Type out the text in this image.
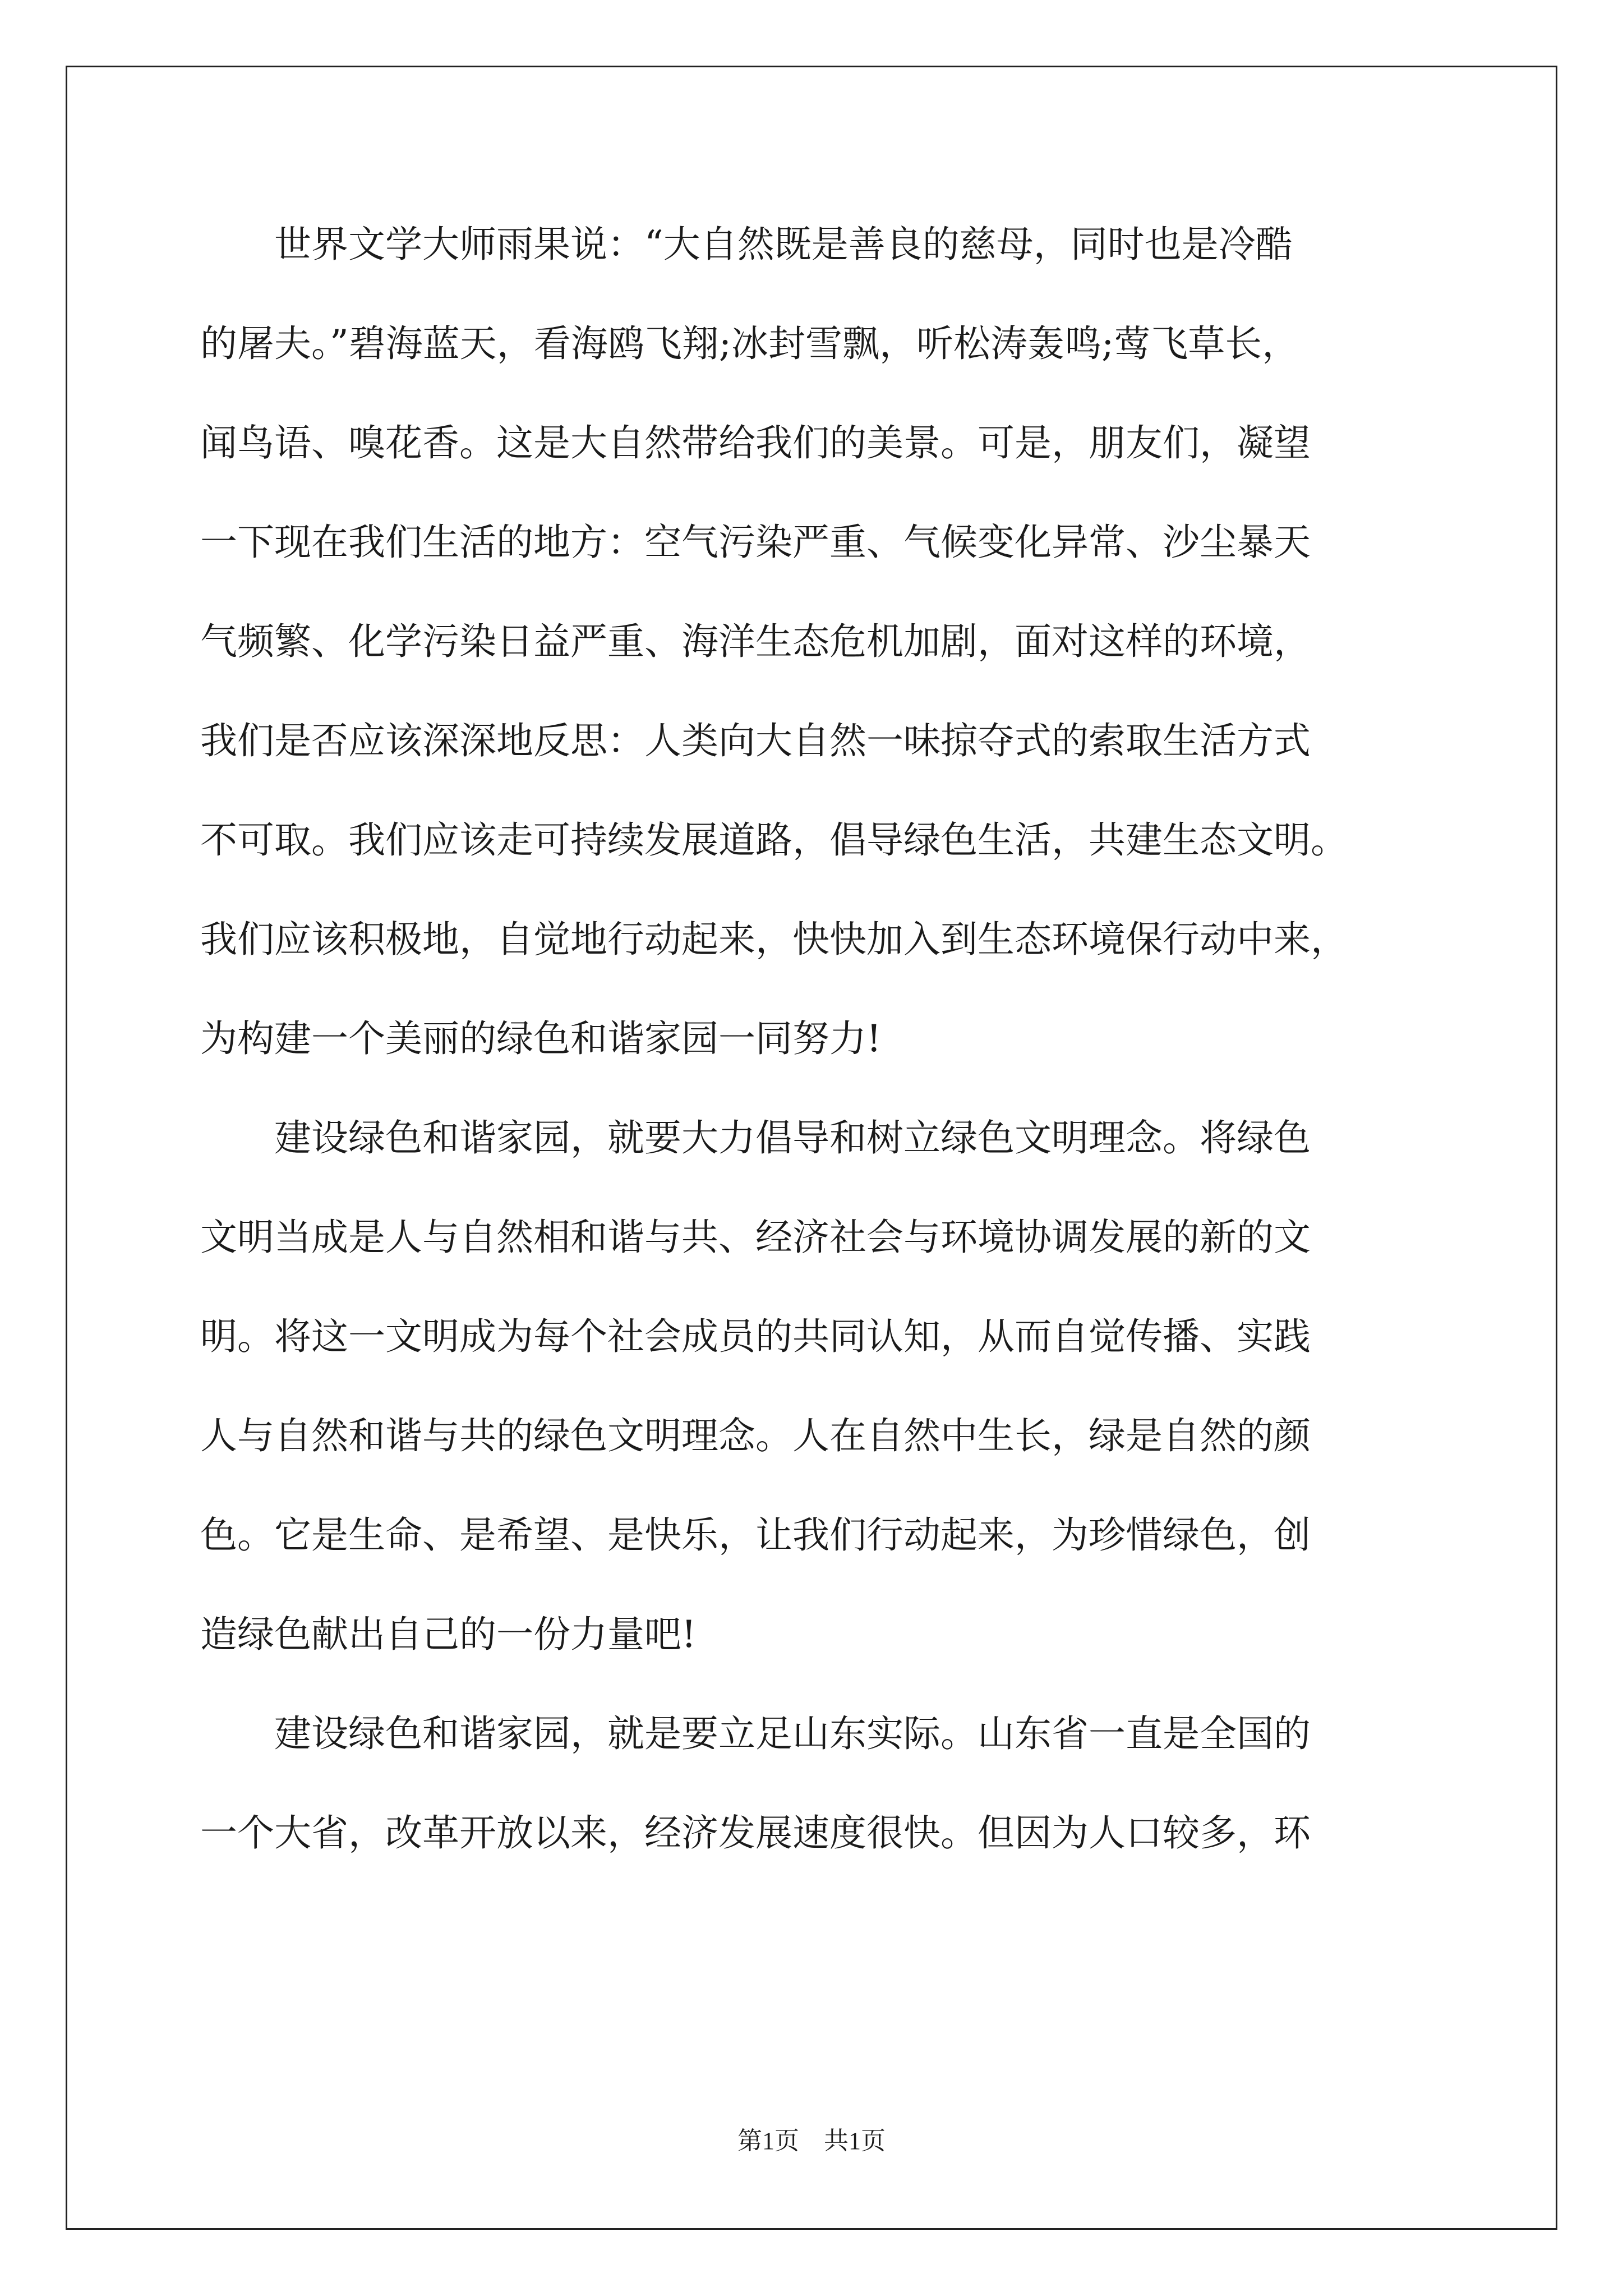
　　世界文学大师雨果说：“大自然既是善良的慈母，同时也是冷酷
的屠夫。”碧海蓝天，看海鸥飞翔;冰封雪飘，听松涛轰鸣;莺飞草长，
闻鸟语、嗅花香。这是大自然带给我们的美景。可是，朋友们，凝望
一下现在我们生活的地方：空气污染严重、气候变化异常、沙尘暴天
气频繁、化学污染日益严重、海洋生态危机加剧，面对这样的环境，
我们是否应该深深地反思：人类向大自然一味掠夺式的索取生活方式
不可取。我们应该走可持续发展道路，倡导绿色生活，共建生态文明。
我们应该积极地，自觉地行动起来，快快加入到生态环境保行动中来，
为构建一个美丽的绿色和谐家园一同努力!
　　建设绿色和谐家园，就要大力倡导和树立绿色文明理念。将绿色
文明当成是人与自然相和谐与共、经济社会与环境协调发展的新的文
明。将这一文明成为每个社会成员的共同认知，从而自觉传播、实践
人与自然和谐与共的绿色文明理念。人在自然中生长，绿是自然的颜
色。它是生命、是希望、是快乐，让我们行动起来，为珍惜绿色，创
造绿色献出自己的一份力量吧!
　　建设绿色和谐家园，就是要立足山东实际。山东省一直是全国的
一个大省，改革开放以来，经济发展速度很快。但因为人口较多，环
第1页　共1页
